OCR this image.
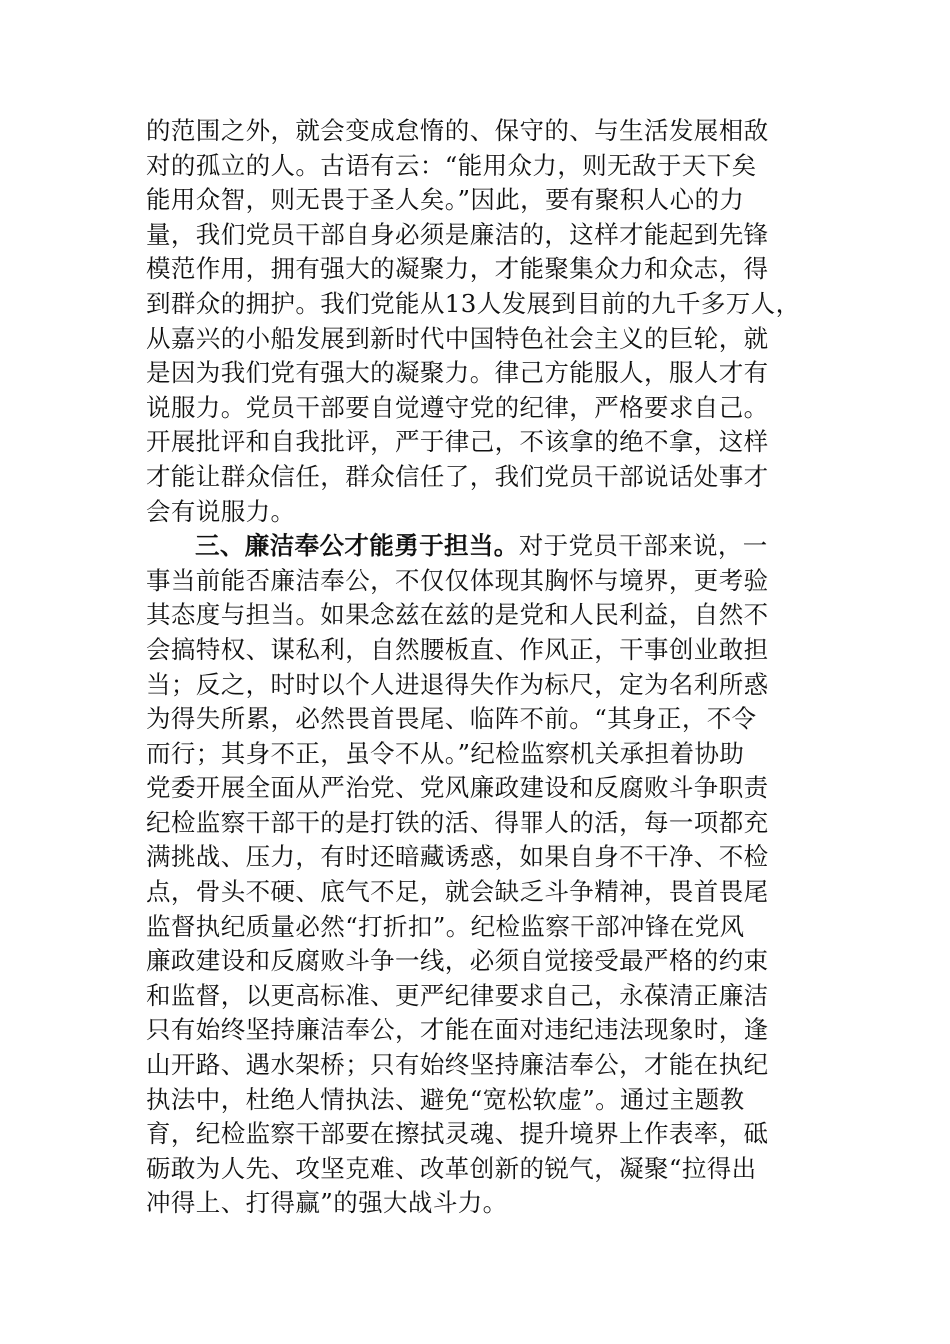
的范围之外，就会变成怠惰的、保守的、与生活发展相敌
对的孤立的人。古语有云：“能用众力，则无敌于天下矣
能用众智，则无畏于圣人矣。”因此，要有聚积人心的力
量，我们党员干部自身必须是廉洁的，这样才能起到先锋
模范作用，拥有强大的凝聚力，才能聚集众力和众志，得
到群众的拥护。我们党能从13人发展到目前的九千多万人，
从嘉兴的小船发展到新时代中国特色社会主义的巨轮，就
是因为我们党有强大的凝聚力。律己方能服人，服人才有
说服力。党员干部要自觉遵守党的纪律，严格要求自己。
开展批评和自我批评，严于律己，不该拿的绝不拿，这样
才能让群众信任，群众信任了，我们党员干部说话处事才
会有说服力。
三、廉洁奉公才能勇于担当。对于党员干部来说，一
事当前能否廉洁奉公，不仅仅体现其胸怀与境界，更考验
其态度与担当。如果念兹在兹的是党和人民利益，自然不
会搞特权、谋私利，自然腰板直、作风正，干事创业敢担
当；反之，时时以个人进退得失作为标尺，定为名利所惑
为得失所累，必然畏首畏尾、临阵不前。“其身正，不令
而行；其身不正，虽令不从。”纪检监察机关承担着协助
党委开展全面从严治党、党风廉政建设和反腐败斗争职责
纪检监察干部干的是打铁的活、得罪人的活，每一项都充
满挑战、压力，有时还暗藏诱惑，如果自身不干净、不检
点，骨头不硬、底气不足，就会缺乏斗争精神，畏首畏尾
监督执纪质量必然“打折扣”。纪检监察干部冲锋在党风
廉政建设和反腐败斗争一线，必须自觉接受最严格的约束
和监督，以更高标准、更严纪律要求自己，永葆清正廉洁
只有始终坚持廉洁奉公，才能在面对违纪违法现象时，逢
山开路、遇水架桥；只有始终坚持廉洁奉公，才能在执纪
执法中，杜绝人情执法、避免“宽松软虚”。通过主题教
育，纪检监察干部要在擦拭灵魂、提升境界上作表率，砥
砺敢为人先、攻坚克难、改革创新的锐气，凝聚“拉得出
冲得上、打得赢”的强大战斗力。
